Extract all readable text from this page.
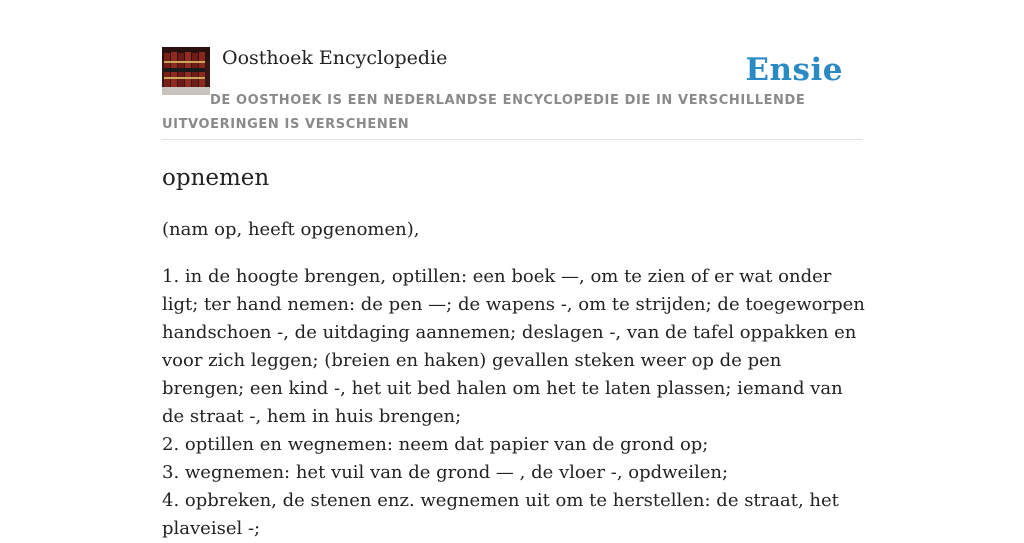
Oosthoek Encyclopedie	Ensie
DE OOSTHOEK IS EEN NEDERLANDSE ENCYCLOPEDIE DIE IN VERSCHILLENDE UITVOERINGEN IS VERSCHENEN
opnemen
(nam op, heeft opgenomen),
1. in de hoogte brengen, optillen: een boek —, om te zien of er wat onder ligt; ter hand nemen: de pen —; de wapens -, om te strijden; de toegeworpen handschoen -, de uitdaging aannemen; deslagen -, van de tafel oppakken en voor zich leggen; (breien en haken) gevallen steken weer op de pen brengen; een kind -, het uit bed halen om het te laten plassen; iemand van de straat -, hem in huis brengen;
2. optillen en wegnemen: neem dat papier van de grond op;
3. wegnemen: het vuil van de grond — , de vloer -, opdweilen;
4. opbreken, de stenen enz. wegnemen uit om te herstellen: de straat, het plaveisel -;
